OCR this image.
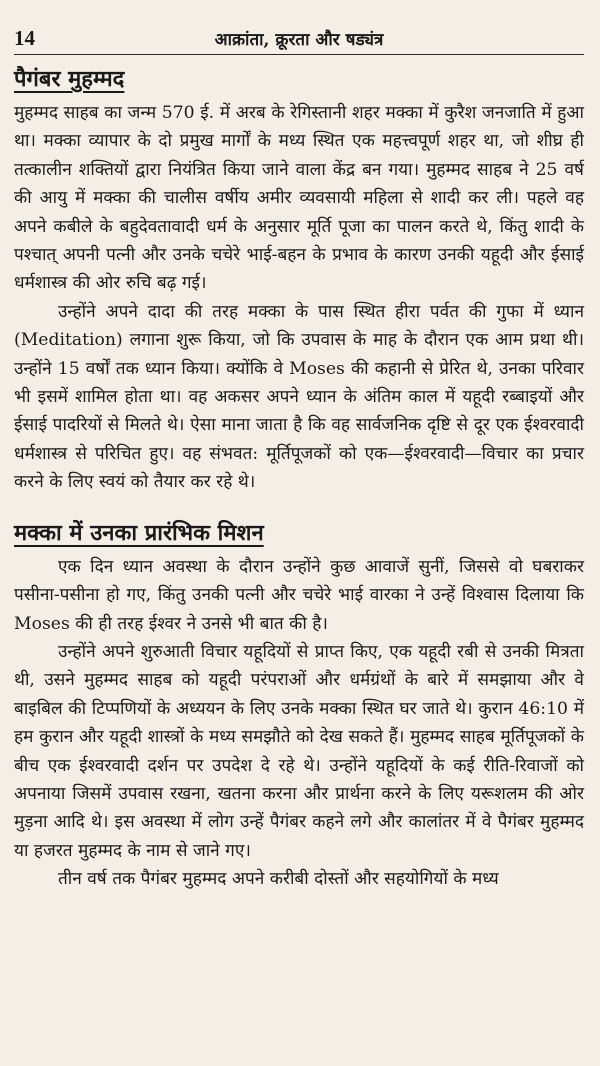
14	आक्रांता, क्रूरता और षड्यंत्र
पैगंबर मुहम्मद

मुहम्मद साहब का जन्म 570 ई. में अरब के रेगिस्तानी शहर मक्का में कुरैश जनजाति में हुआ था। मक्का व्यापार के दो प्रमुख मार्गों के मध्य स्थित एक महत्त्वपूर्ण शहर था, जो शीघ्र ही तत्कालीन शक्तियों द्वारा नियंत्रित किया जाने वाला केंद्र बन गया। मुहम्मद साहब ने 25 वर्ष की आयु में मक्का की चालीस वर्षीय अमीर व्यवसायी महिला से शादी कर ली। पहले वह अपने कबीले के बहुदेवतावादी धर्म के अनुसार मूर्ति पूजा का पालन करते थे, किंतु शादी के पश्चात् अपनी पत्नी और उनके चचेरे भाई-बहन के प्रभाव के कारण उनकी यहूदी और ईसाई धर्मशास्त्र की ओर रुचि बढ़ गई।

उन्होंने अपने दादा की तरह मक्का के पास स्थित हीरा पर्वत की गुफा में ध्यान (Meditation) लगाना शुरू किया, जो कि उपवास के माह के दौरान एक आम प्रथा थी। उन्होंने 15 वर्षों तक ध्यान किया। क्योंकि वे Moses की कहानी से प्रेरित थे, उनका परिवार भी इसमें शामिल होता था। वह अकसर अपने ध्यान के अंतिम काल में यहूदी रब्बाइयों और ईसाई पादरियों से मिलते थे। ऐसा माना जाता है कि वह सार्वजनिक दृष्टि से दूर एक ईश्वरवादी धर्मशास्त्र से परिचित हुए। वह संभवत: मूर्तिपूजकों को एक—ईश्वरवादी—विचार का प्रचार करने के लिए स्वयं को तैयार कर रहे थे।

मक्का में उनका प्रारंभिक मिशन

एक दिन ध्यान अवस्था के दौरान उन्होंने कुछ आवाजें सुनीं, जिससे वो घबराकर पसीना-पसीना हो गए, किंतु उनकी पत्नी और चचेरे भाई वारका ने उन्हें विश्वास दिलाया कि Moses की ही तरह ईश्वर ने उनसे भी बात की है।

उन्होंने अपने शुरुआती विचार यहूदियों से प्राप्त किए, एक यहूदी रबी से उनकी मित्रता थी, उसने मुहम्मद साहब को यहूदी परंपराओं और धर्मग्रंथों के बारे में समझाया और वे बाइबिल की टिप्पणियों के अध्ययन के लिए उनके मक्का स्थित घर जाते थे। कुरान 46:10 में हम कुरान और यहूदी शास्त्रों के मध्य समझौते को देख सकते हैं। मुहम्मद साहब मूर्तिपूजकों के बीच एक ईश्वरवादी दर्शन पर उपदेश दे रहे थे। उन्होंने यहूदियों के कई रीति-रिवाजों को अपनाया जिसमें उपवास रखना, खतना करना और प्रार्थना करने के लिए यरूशलम की ओर मुड़ना आदि थे। इस अवस्था में लोग उन्हें पैगंबर कहने लगे और कालांतर में वे पैगंबर मुहम्मद या हजरत मुहम्मद के नाम से जाने गए।

तीन वर्ष तक पैगंबर मुहम्मद अपने करीबी दोस्तों और सहयोगियों के मध्य
